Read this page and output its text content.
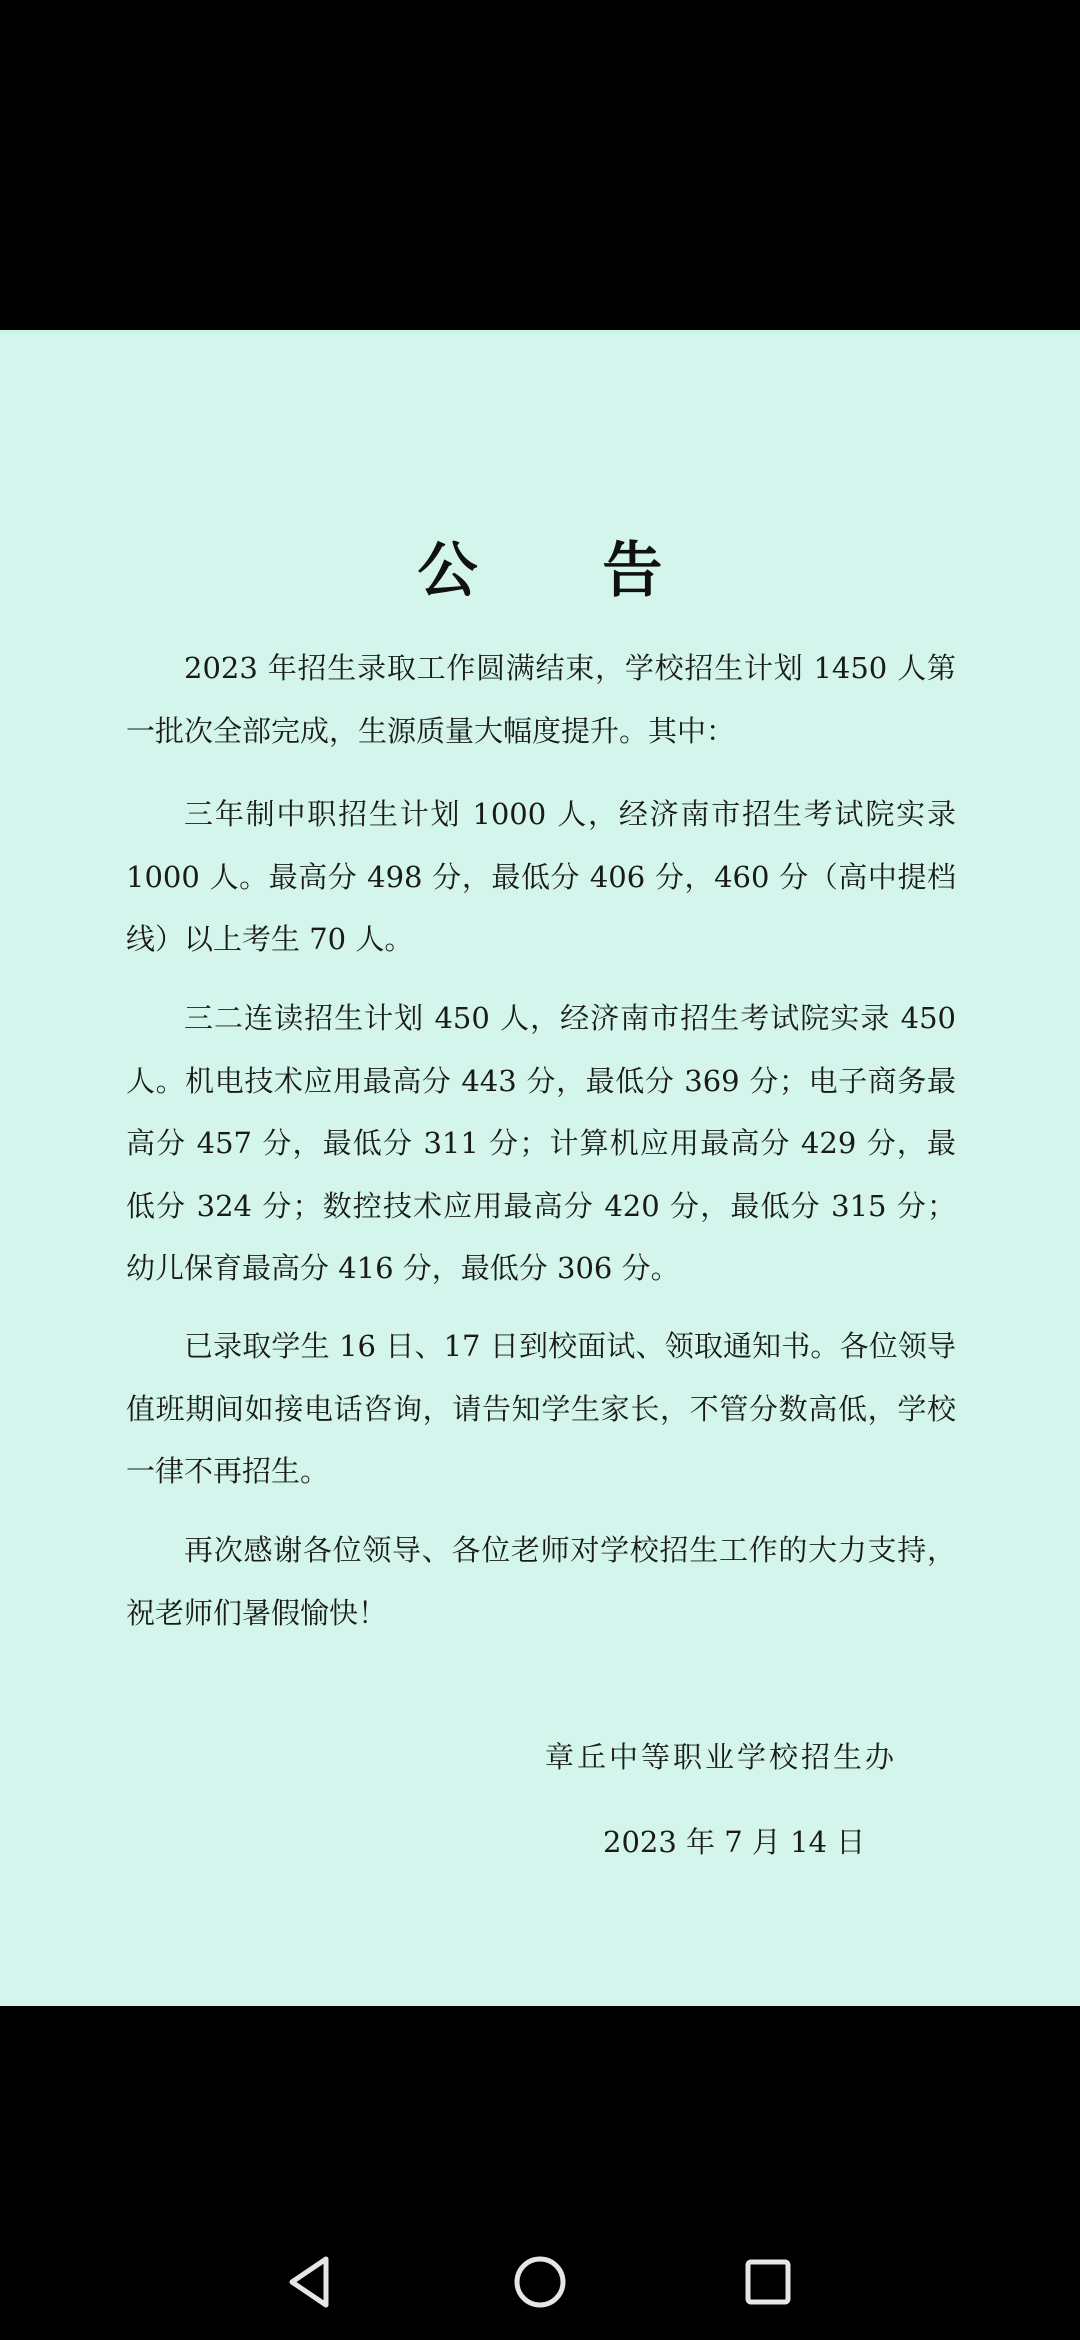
公 告

2023 年招生录取工作圆满结束，学校招生计划 1450 人第一批次全部完成，生源质量大幅度提升。其中：

三年制中职招生计划 1000 人，经济南市招生考试院实录 1000 人。最高分 498 分，最低分 406 分，460 分（高中提档线）以上考生 70 人。

三二连读招生计划 450 人，经济南市招生考试院实录 450 人。机电技术应用最高分 443 分，最低分 369 分；电子商务最高分 457 分，最低分 311 分；计算机应用最高分 429 分，最低分 324 分；数控技术应用最高分 420 分，最低分 315 分；幼儿保育最高分 416 分，最低分 306 分。

已录取学生 16 日、17 日到校面试、领取通知书。各位领导值班期间如接电话咨询，请告知学生家长，不管分数高低，学校一律不再招生。

再次感谢各位领导、各位老师对学校招生工作的大力支持，祝老师们暑假愉快！

章丘中等职业学校招生办
2023 年 7 月 14 日
